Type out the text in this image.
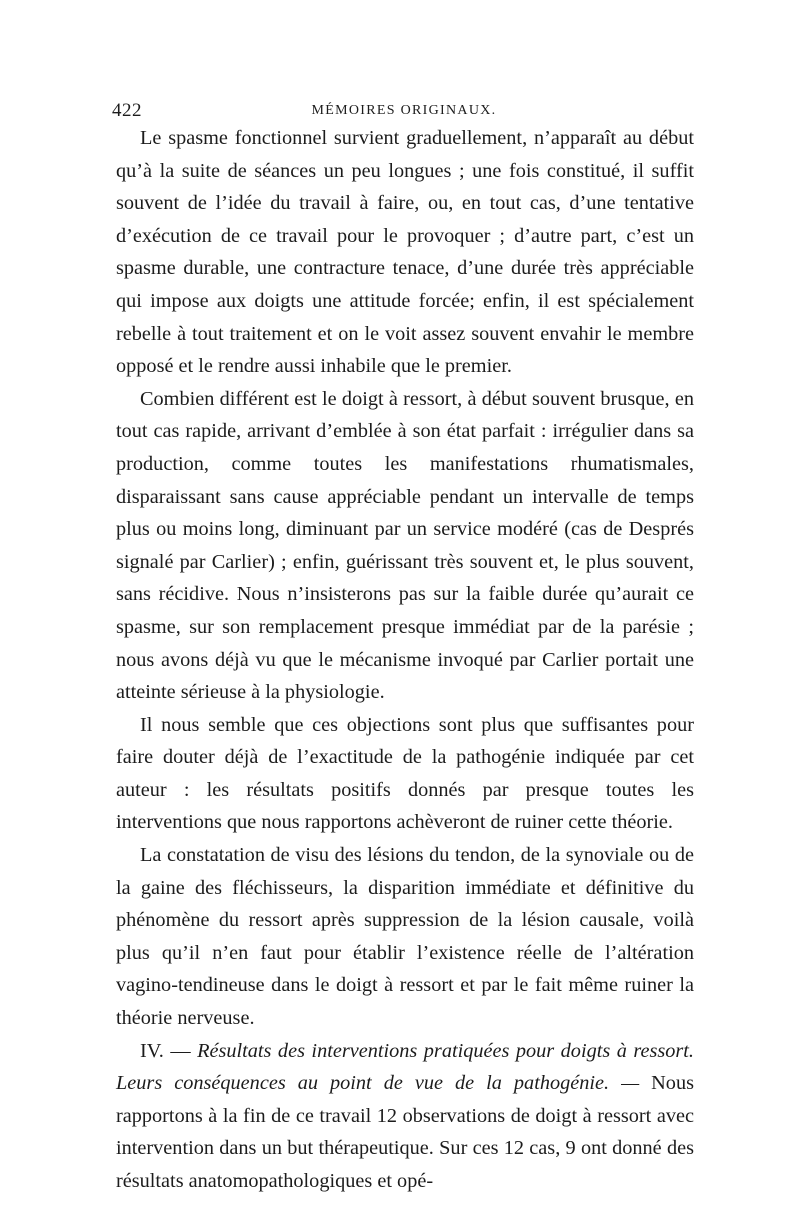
422	MÉMOIRES ORIGINAUX.

Le spasme fonctionnel survient graduellement, n’apparaît au début qu’à la suite de séances un peu longues ; une fois constitué, il suffit souvent de l’idée du travail à faire, ou, en tout cas, d’une tentative d’exécution de ce travail pour le provoquer ; d’autre part, c’est un spasme durable, une contracture tenace, d’une durée très appréciable qui impose aux doigts une attitude forcée; enfin, il est spécialement rebelle à tout traitement et on le voit assez souvent envahir le membre opposé et le rendre aussi inhabile que le premier.

Combien différent est le doigt à ressort, à début souvent brusque, en tout cas rapide, arrivant d’emblée à son état parfait : irrégulier dans sa production, comme toutes les manifestations rhumatismales, disparaissant sans cause appréciable pendant un intervalle de temps plus ou moins long, diminuant par un service modéré (cas de Després signalé par Carlier) ; enfin, guérissant très souvent et, le plus souvent, sans récidive. Nous n’insisterons pas sur la faible durée qu’aurait ce spasme, sur son remplacement presque immédiat par de la parésie ; nous avons déjà vu que le mécanisme invoqué par Carlier portait une atteinte sérieuse à la physiologie.

Il nous semble que ces objections sont plus que suffisantes pour faire douter déjà de l’exactitude de la pathogénie indiquée par cet auteur : les résultats positifs donnés par presque toutes les interventions que nous rapportons achèveront de ruiner cette théorie.

La constatation de visu des lésions du tendon, de la synoviale ou de la gaine des fléchisseurs, la disparition immédiate et définitive du phénomène du ressort après suppression de la lésion causale, voilà plus qu’il n’en faut pour établir l’existence réelle de l’altération vagino-tendineuse dans le doigt à ressort et par le fait même ruiner la théorie nerveuse.

IV. — Résultats des interventions pratiquées pour doigts à ressort. Leurs conséquences au point de vue de la pathogénie. — Nous rapportons à la fin de ce travail 12 observations de doigt à ressort avec intervention dans un but thérapeutique. Sur ces 12 cas, 9 ont donné des résultats anatomopathologiques et opé-
